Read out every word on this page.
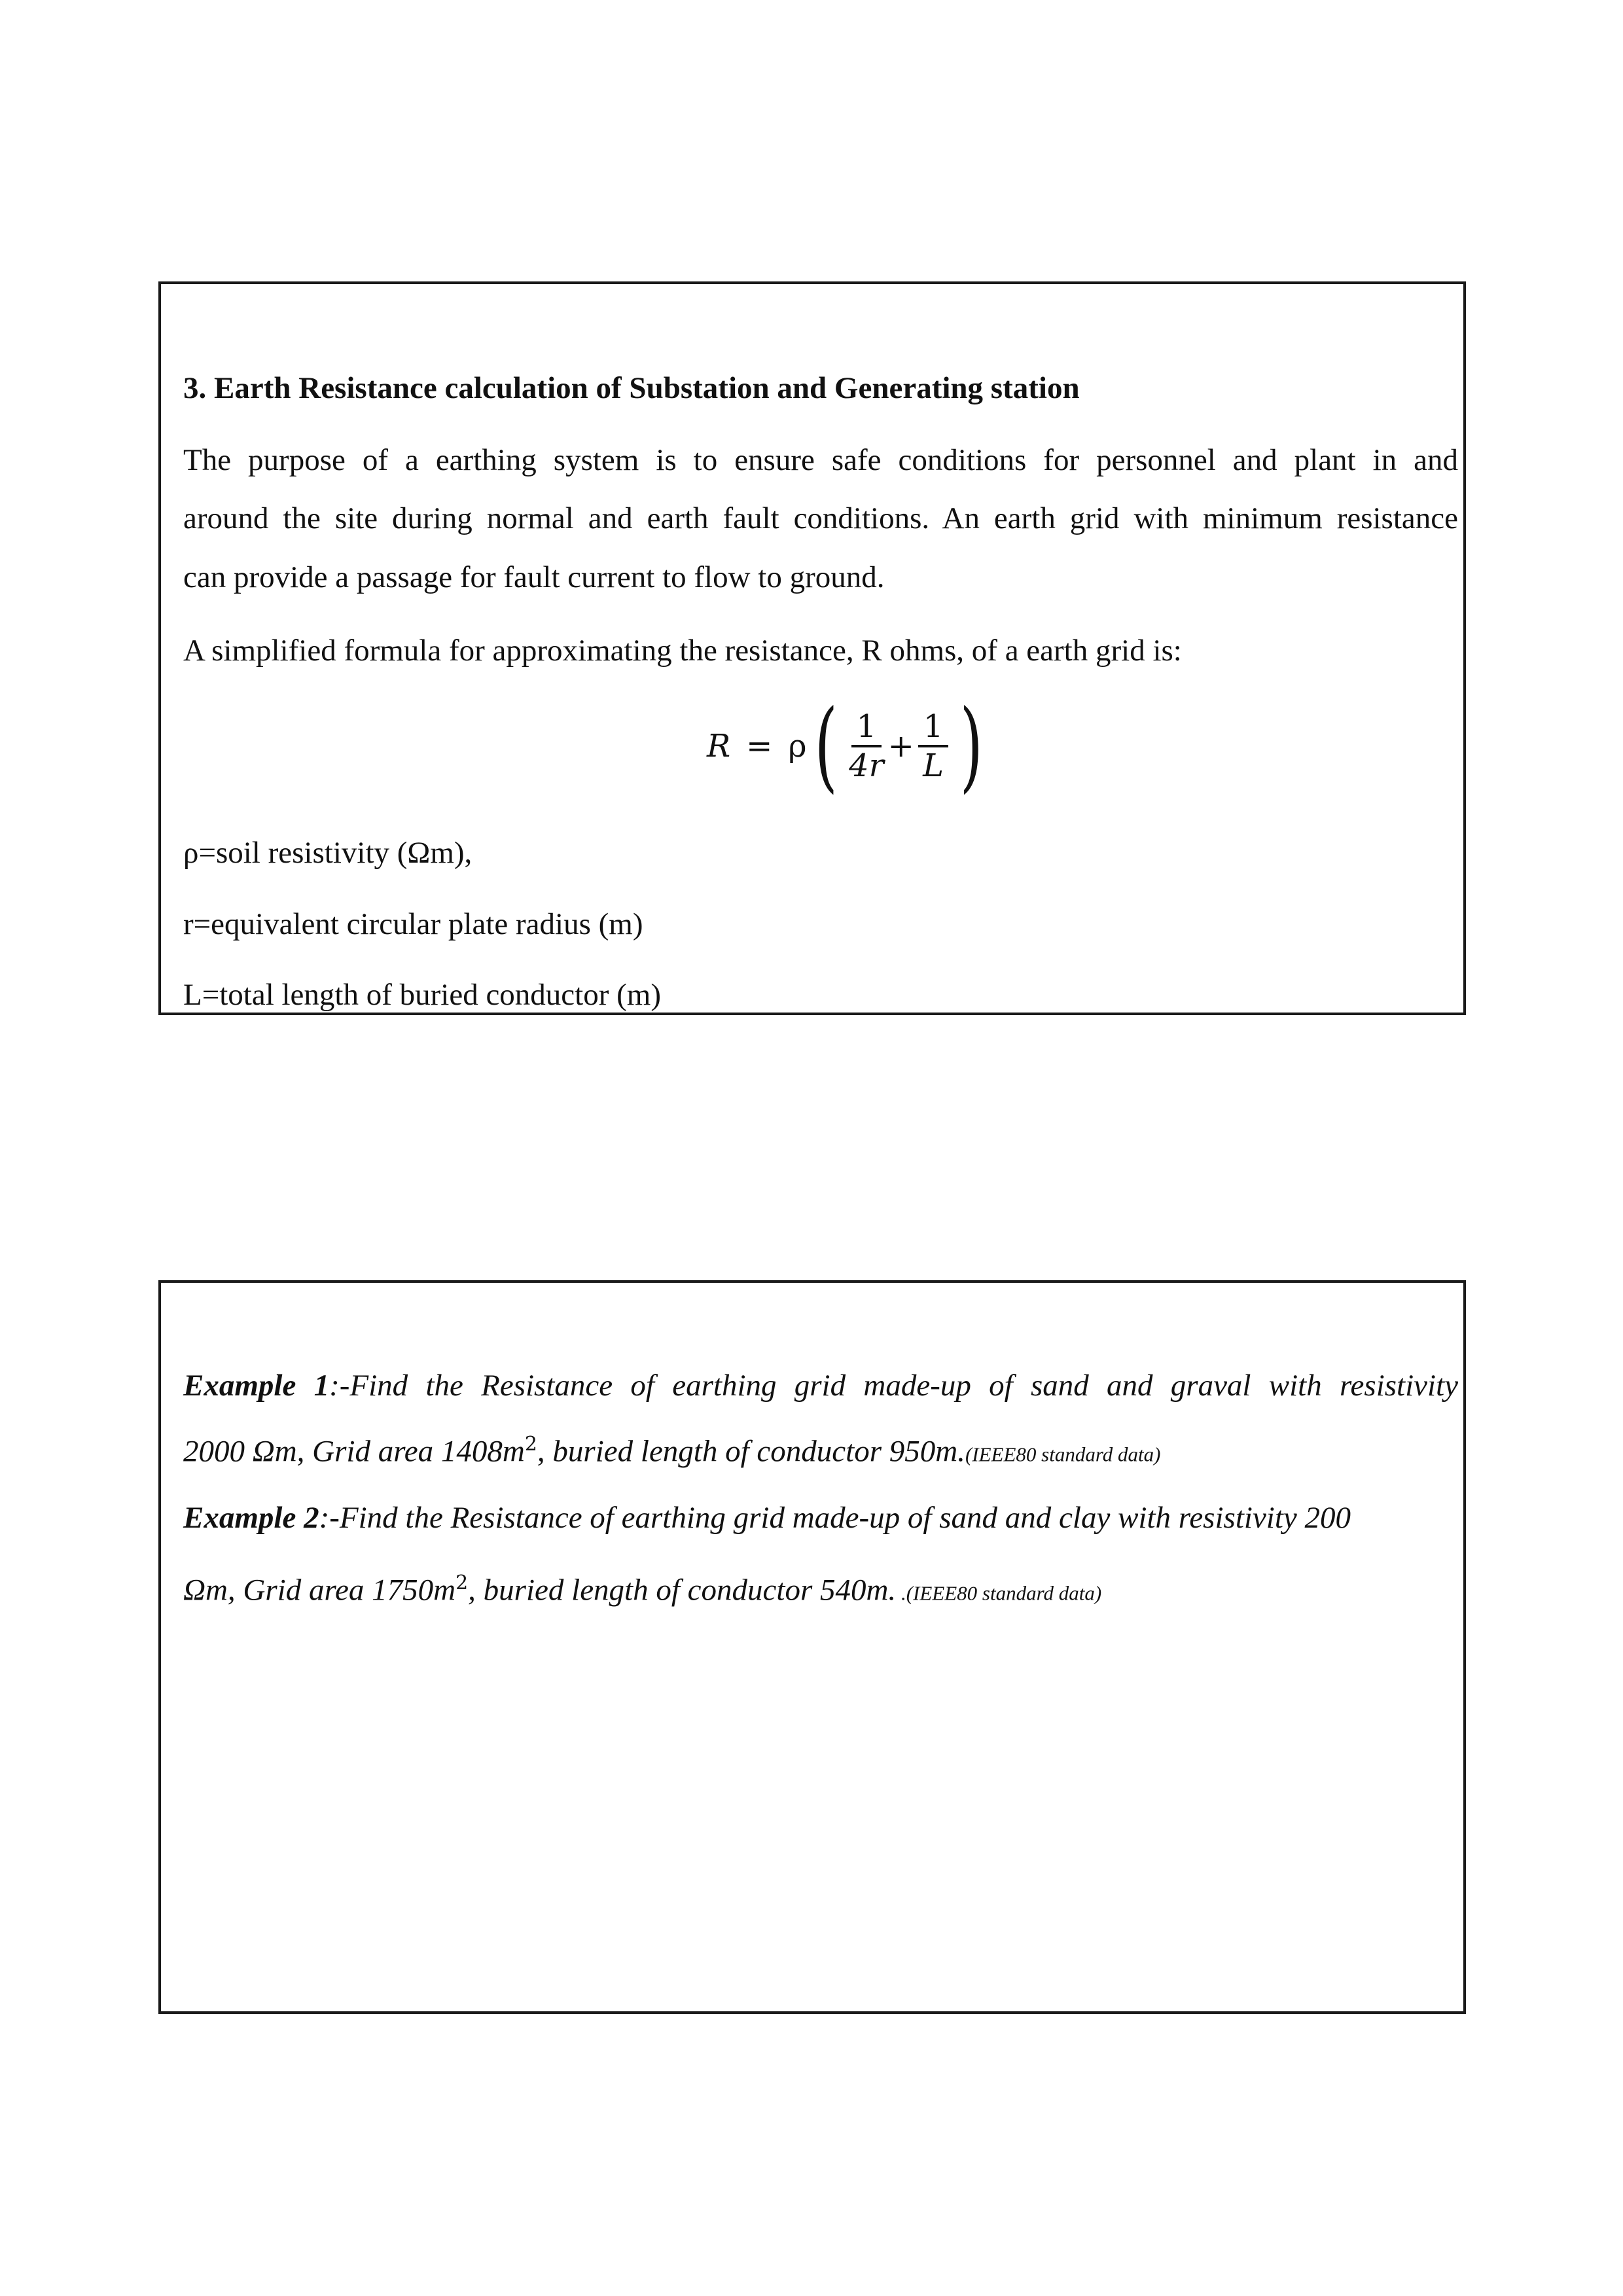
3. Earth Resistance calculation of Substation and Generating station
The purpose of a earthing system is to ensure safe conditions for personnel and plant in and
around the site during normal and earth fault conditions. An earth grid with minimum resistance
can provide a passage for fault current to flow to ground.
A simplified formula for approximating the resistance, R ohms, of a earth grid is:
R = ρ ( $\frac{1}{4r} + \frac{1}{L}$ )
ρ=soil resistivity (Ωm),
r=equivalent circular plate radius (m)
L=total length of buried conductor (m)
Example 1:-Find the Resistance of earthing grid made-up of sand and graval with resistivity
2000 Ωm, Grid area $1408m^2$, buried length of conductor 950m.(IEEE80 standard data)
Example 2:-Find the Resistance of earthing grid made-up of sand and clay with resistivity 200
Ωm, Grid area $1750m^2$, buried length of conductor 540m. .(IEEE80 standard data)
